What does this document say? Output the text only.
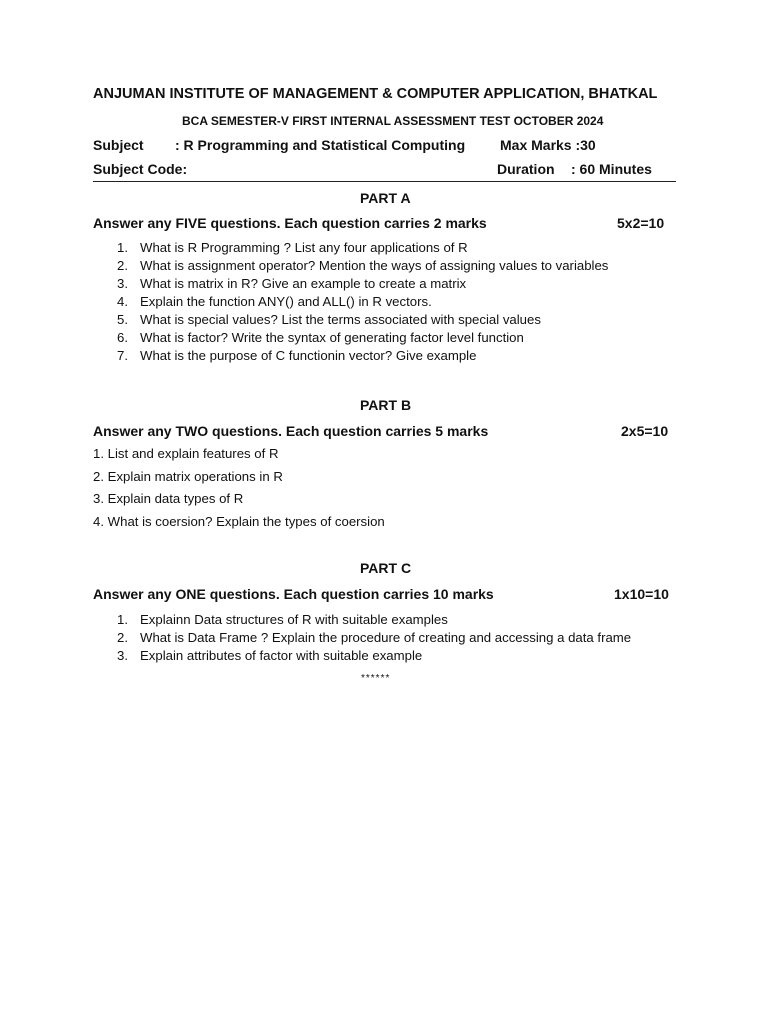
ANJUMAN INSTITUTE OF MANAGEMENT & COMPUTER APPLICATION, BHATKAL
BCA SEMESTER-V FIRST INTERNAL ASSESSMENT TEST OCTOBER 2024
Subject : R Programming and Statistical Computing Max Marks :30
Subject Code:	Duration : 60 Minutes
PART A
Answer any FIVE questions. Each question carries 2 marks	5x2=10
1. What is R Programming ? List any four applications of R
2. What is assignment operator? Mention the ways of assigning values to variables
3. What is matrix in R? Give an example to create a matrix
4. Explain the function ANY() and ALL() in R vectors.
5. What is special values? List the terms associated with special values
6. What is factor? Write the syntax of generating factor level function
7. What is the purpose of C functionin vector? Give example
PART B
Answer any TWO questions. Each question carries 5 marks	2x5=10
1. List and explain features of R
2. Explain matrix operations in R
3. Explain data types of R
4. What is coersion? Explain the types of coersion
PART C
Answer any ONE questions. Each question carries 10 marks	1x10=10
1. Explainn Data structures of R with suitable examples
2. What is Data Frame ? Explain the procedure of creating and accessing a data frame
3. Explain attributes of factor with suitable example
******
